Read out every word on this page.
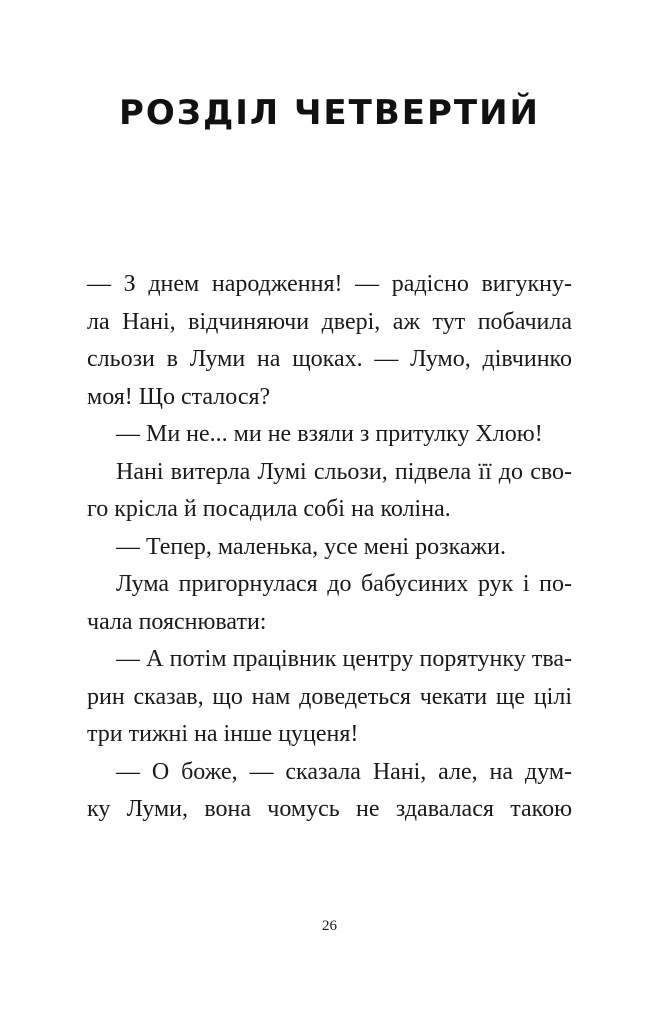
РОЗДІЛ ЧЕТВЕРТИЙ
— З днем народження! — радісно вигукну-
ла Нані, відчиняючи двері, аж тут побачила
сльози в Луми на щоках. — Лумо, дівчинко
моя! Що сталося?
— Ми не... ми не взяли з притулку Хлою!
Нані витерла Лумі сльози, підвела її до сво-
го крісла й посадила собі на коліна.
— Тепер, маленька, усе мені розкажи.
Лума пригорнулася до бабусиних рук і по-
чала пояснювати:
— А потім працівник центру порятунку тва-
рин сказав, що нам доведеться чекати ще цілі
три тижні на інше цуценя!
— О боже, — сказала Нані, але, на дум-
ку Луми, вона чомусь не здавалася такою
26
